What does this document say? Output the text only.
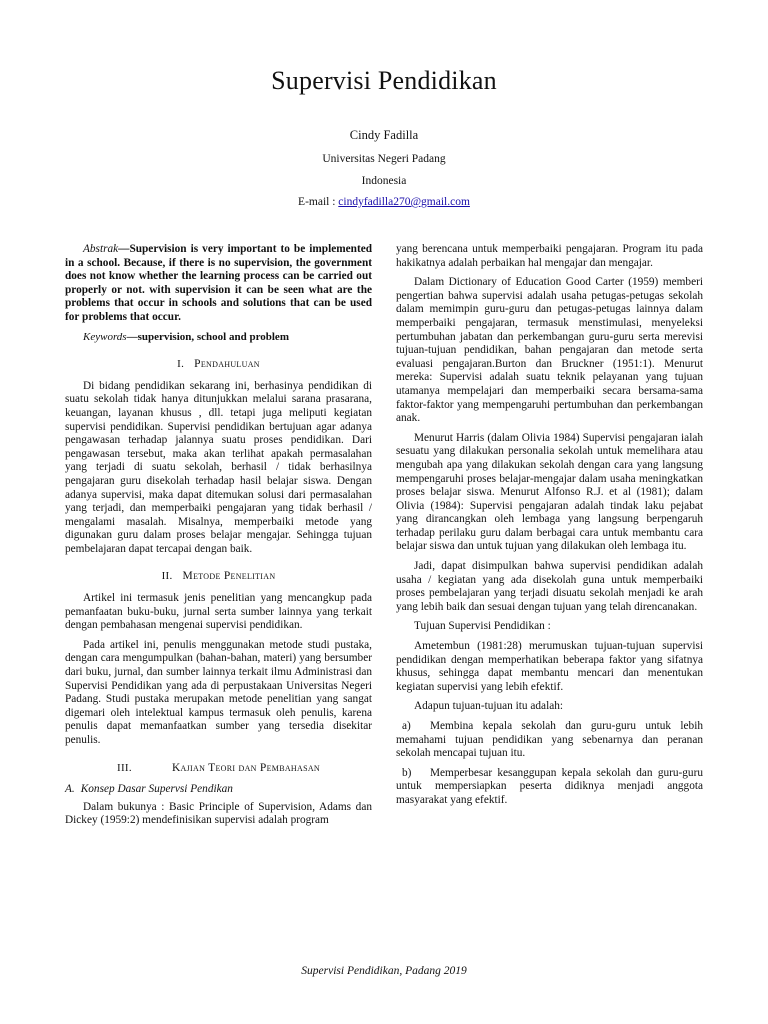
Supervisi Pendidikan
Cindy Fadilla
Universitas Negeri Padang
Indonesia
E-mail : cindyfadilla270@gmail.com

Abstrak—Supervision is very important to be implemented in a school. Because, if there is no supervision, the government does not know whether the learning process can be carried out properly or not. with supervision it can be seen what are the problems that occur in schools and solutions that can be used for problems that occur.

Keywords—supervision, school and problem

I. Pendahuluan

Di bidang pendidikan sekarang ini, berhasinya pendidikan di suatu sekolah tidak hanya ditunjukkan melalui sarana prasarana, keuangan, layanan khusus , dll. tetapi juga meliputi kegiatan supervisi pendidikan. Supervisi pendidikan bertujuan agar adanya pengawasan terhadap jalannya suatu proses pendidikan. Dari pengawasan tersebut, maka akan terlihat apakah permasalahan yang terjadi di suatu sekolah, berhasil / tidak berhasilnya pengajaran guru disekolah terhadap hasil belajar siswa. Dengan adanya supervisi, maka dapat ditemukan solusi dari permasalahan yang terjadi, dan memperbaiki pengajaran yang tidak berhasil / mengalami masalah. Misalnya, memperbaiki metode yang digunakan guru dalam proses belajar mengajar. Sehingga tujuan pembelajaran dapat tercapai dengan baik.

II. Metode Penelitian

Artikel ini termasuk jenis penelitian yang mencangkup pada pemanfaatan buku-buku, jurnal serta sumber lainnya yang terkait dengan pembahasan mengenai supervisi pendidikan.

Pada artikel ini, penulis menggunakan metode studi pustaka, dengan cara mengumpulkan (bahan-bahan, materi) yang bersumber dari buku, jurnal, dan sumber lainnya terkait ilmu Administrasi dan Supervisi Pendidikan yang ada di perpustakaan Universitas Negeri Padang. Studi pustaka merupakan metode penelitian yang sangat digemari oleh intelektual kampus termasuk oleh penulis, karena penulis dapat memanfaatkan sumber yang tersedia disekitar penulis.

III.	Kajian Teori dan Pembahasan
A. Konsep Dasar Supervsi Pendikan

Dalam bukunya : Basic Principle of Supervision, Adams dan Dickey (1959:2) mendefinisikan supervisi adalah program

yang berencana untuk memperbaiki pengajaran. Program itu pada hakikatnya adalah perbaikan hal mengajar dan mengajar.

Dalam Dictionary of Education Good Carter (1959) memberi pengertian bahwa supervisi adalah usaha petugas-petugas sekolah dalam memimpin guru-guru dan petugas-petugas lainnya dalam memperbaiki pengajaran, termasuk menstimulasi, menyeleksi pertumbuhan jabatan dan perkembangan guru-guru serta merevisi tujuan-tujuan pendidikan, bahan pengajaran dan metode serta evaluasi pengajaran.Burton dan Bruckner (1951:1). Menurut mereka: Supervisi adalah suatu teknik pelayanan yang tujuan utamanya mempelajari dan memperbaiki secara bersama-sama faktor-faktor yang mempengaruhi pertumbuhan dan perkembangan anak.

Menurut Harris (dalam Olivia 1984) Supervisi pengajaran ialah sesuatu yang dilakukan personalia sekolah untuk memelihara atau mengubah apa yang dilakukan sekolah dengan cara yang langsung mempengaruhi proses belajar-mengajar dalam usaha meningkatkan proses belajar siswa. Menurut Alfonso R.J. et al (1981); dalam Olivia (1984): Supervisi pengajaran adalah tindak laku pejabat yang dirancangkan oleh lembaga yang langsung berpengaruh terhadap perilaku guru dalam berbagai cara untuk membantu cara belajar siswa dan untuk tujuan yang dilakukan oleh lembaga itu.

Jadi, dapat disimpulkan bahwa supervisi pendidikan adalah usaha / kegiatan yang ada disekolah guna untuk memperbaiki proses pembelajaran yang terjadi disuatu sekolah menjadi ke arah yang lebih baik dan sesuai dengan tujuan yang telah direncanakan.

Tujuan Supervisi Pendidikan :

Ametembun (1981:28) merumuskan tujuan-tujuan supervisi pendidikan dengan memperhatikan beberapa faktor yang sifatnya khusus, sehingga dapat membantu mencari dan menentukan kegiatan supervisi yang lebih efektif.

Adapun tujuan-tujuan itu adalah:

a) Membina kepala sekolah dan guru-guru untuk lebih memahami tujuan pendidikan yang sebenarnya dan peranan sekolah mencapai tujuan itu.

b) Memperbesar kesanggupan kepala sekolah dan guru-guru untuk mempersiapkan peserta didiknya menjadi anggota masyarakat yang efektif.

Supervisi Pendidikan, Padang 2019
